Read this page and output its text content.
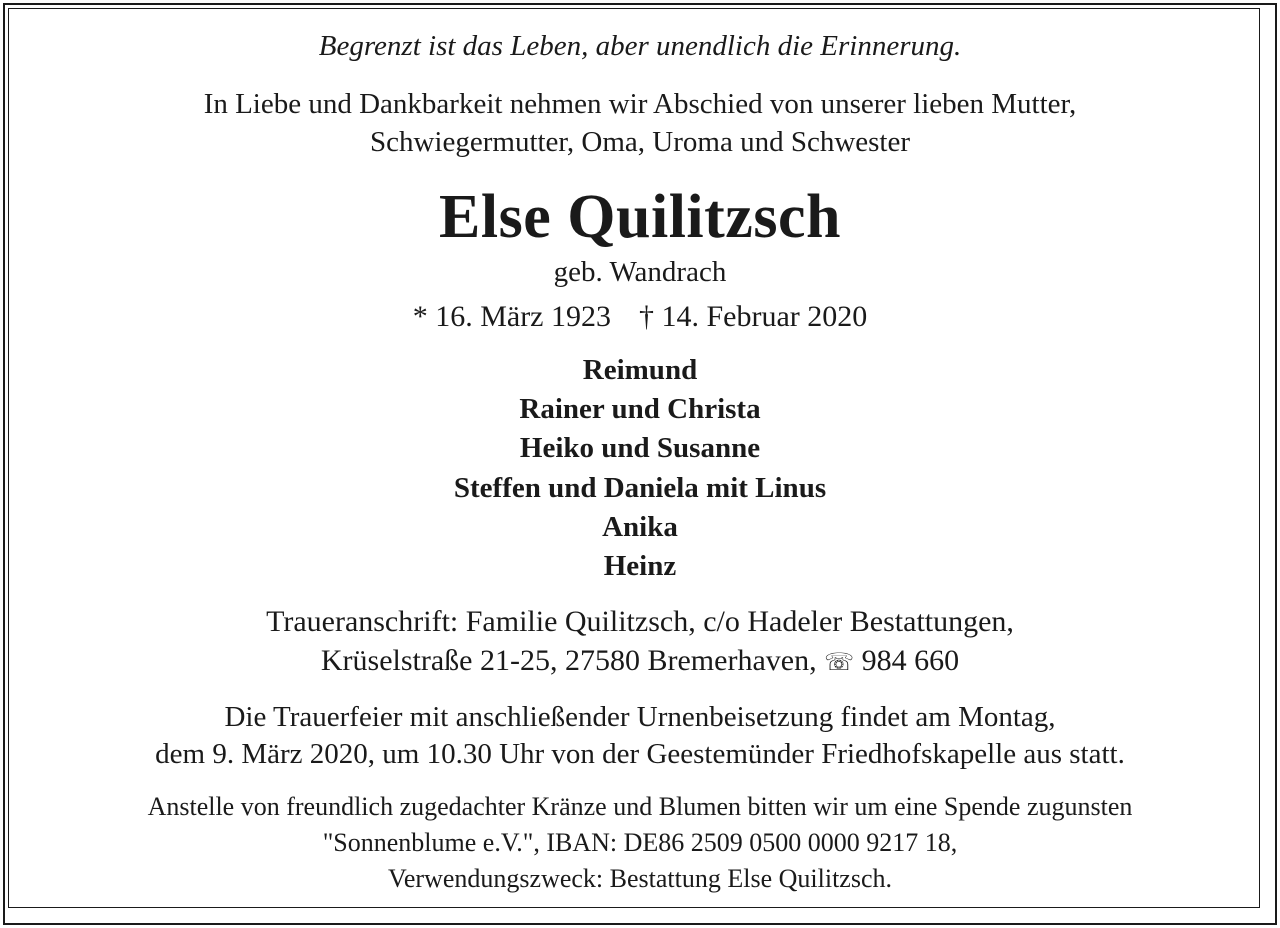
Begrenzt ist das Leben, aber unendlich die Erinnerung.
In Liebe und Dankbarkeit nehmen wir Abschied von unserer lieben Mutter,
Schwiegermutter, Oma, Uroma und Schwester
Else Quilitzsch
geb. Wandrach
* 16. März 1923 † 14. Februar 2020
Reimund
Rainer und Christa
Heiko und Susanne
Steffen und Daniela mit Linus
Anika
Heinz
Traueranschrift: Familie Quilitzsch, c/o Hadeler Bestattungen,
Krüselstraße 21-25, 27580 Bremerhaven, ☏ 984 660
Die Trauerfeier mit anschließender Urnenbeisetzung findet am Montag,
dem 9. März 2020, um 10.30 Uhr von der Geestemünder Friedhofskapelle aus statt.
Anstelle von freundlich zugedachter Kränze und Blumen bitten wir um eine Spende zugunsten
"Sonnenblume e.V.", IBAN: DE86 2509 0500 0000 9217 18,
Verwendungszweck: Bestattung Else Quilitzsch.
